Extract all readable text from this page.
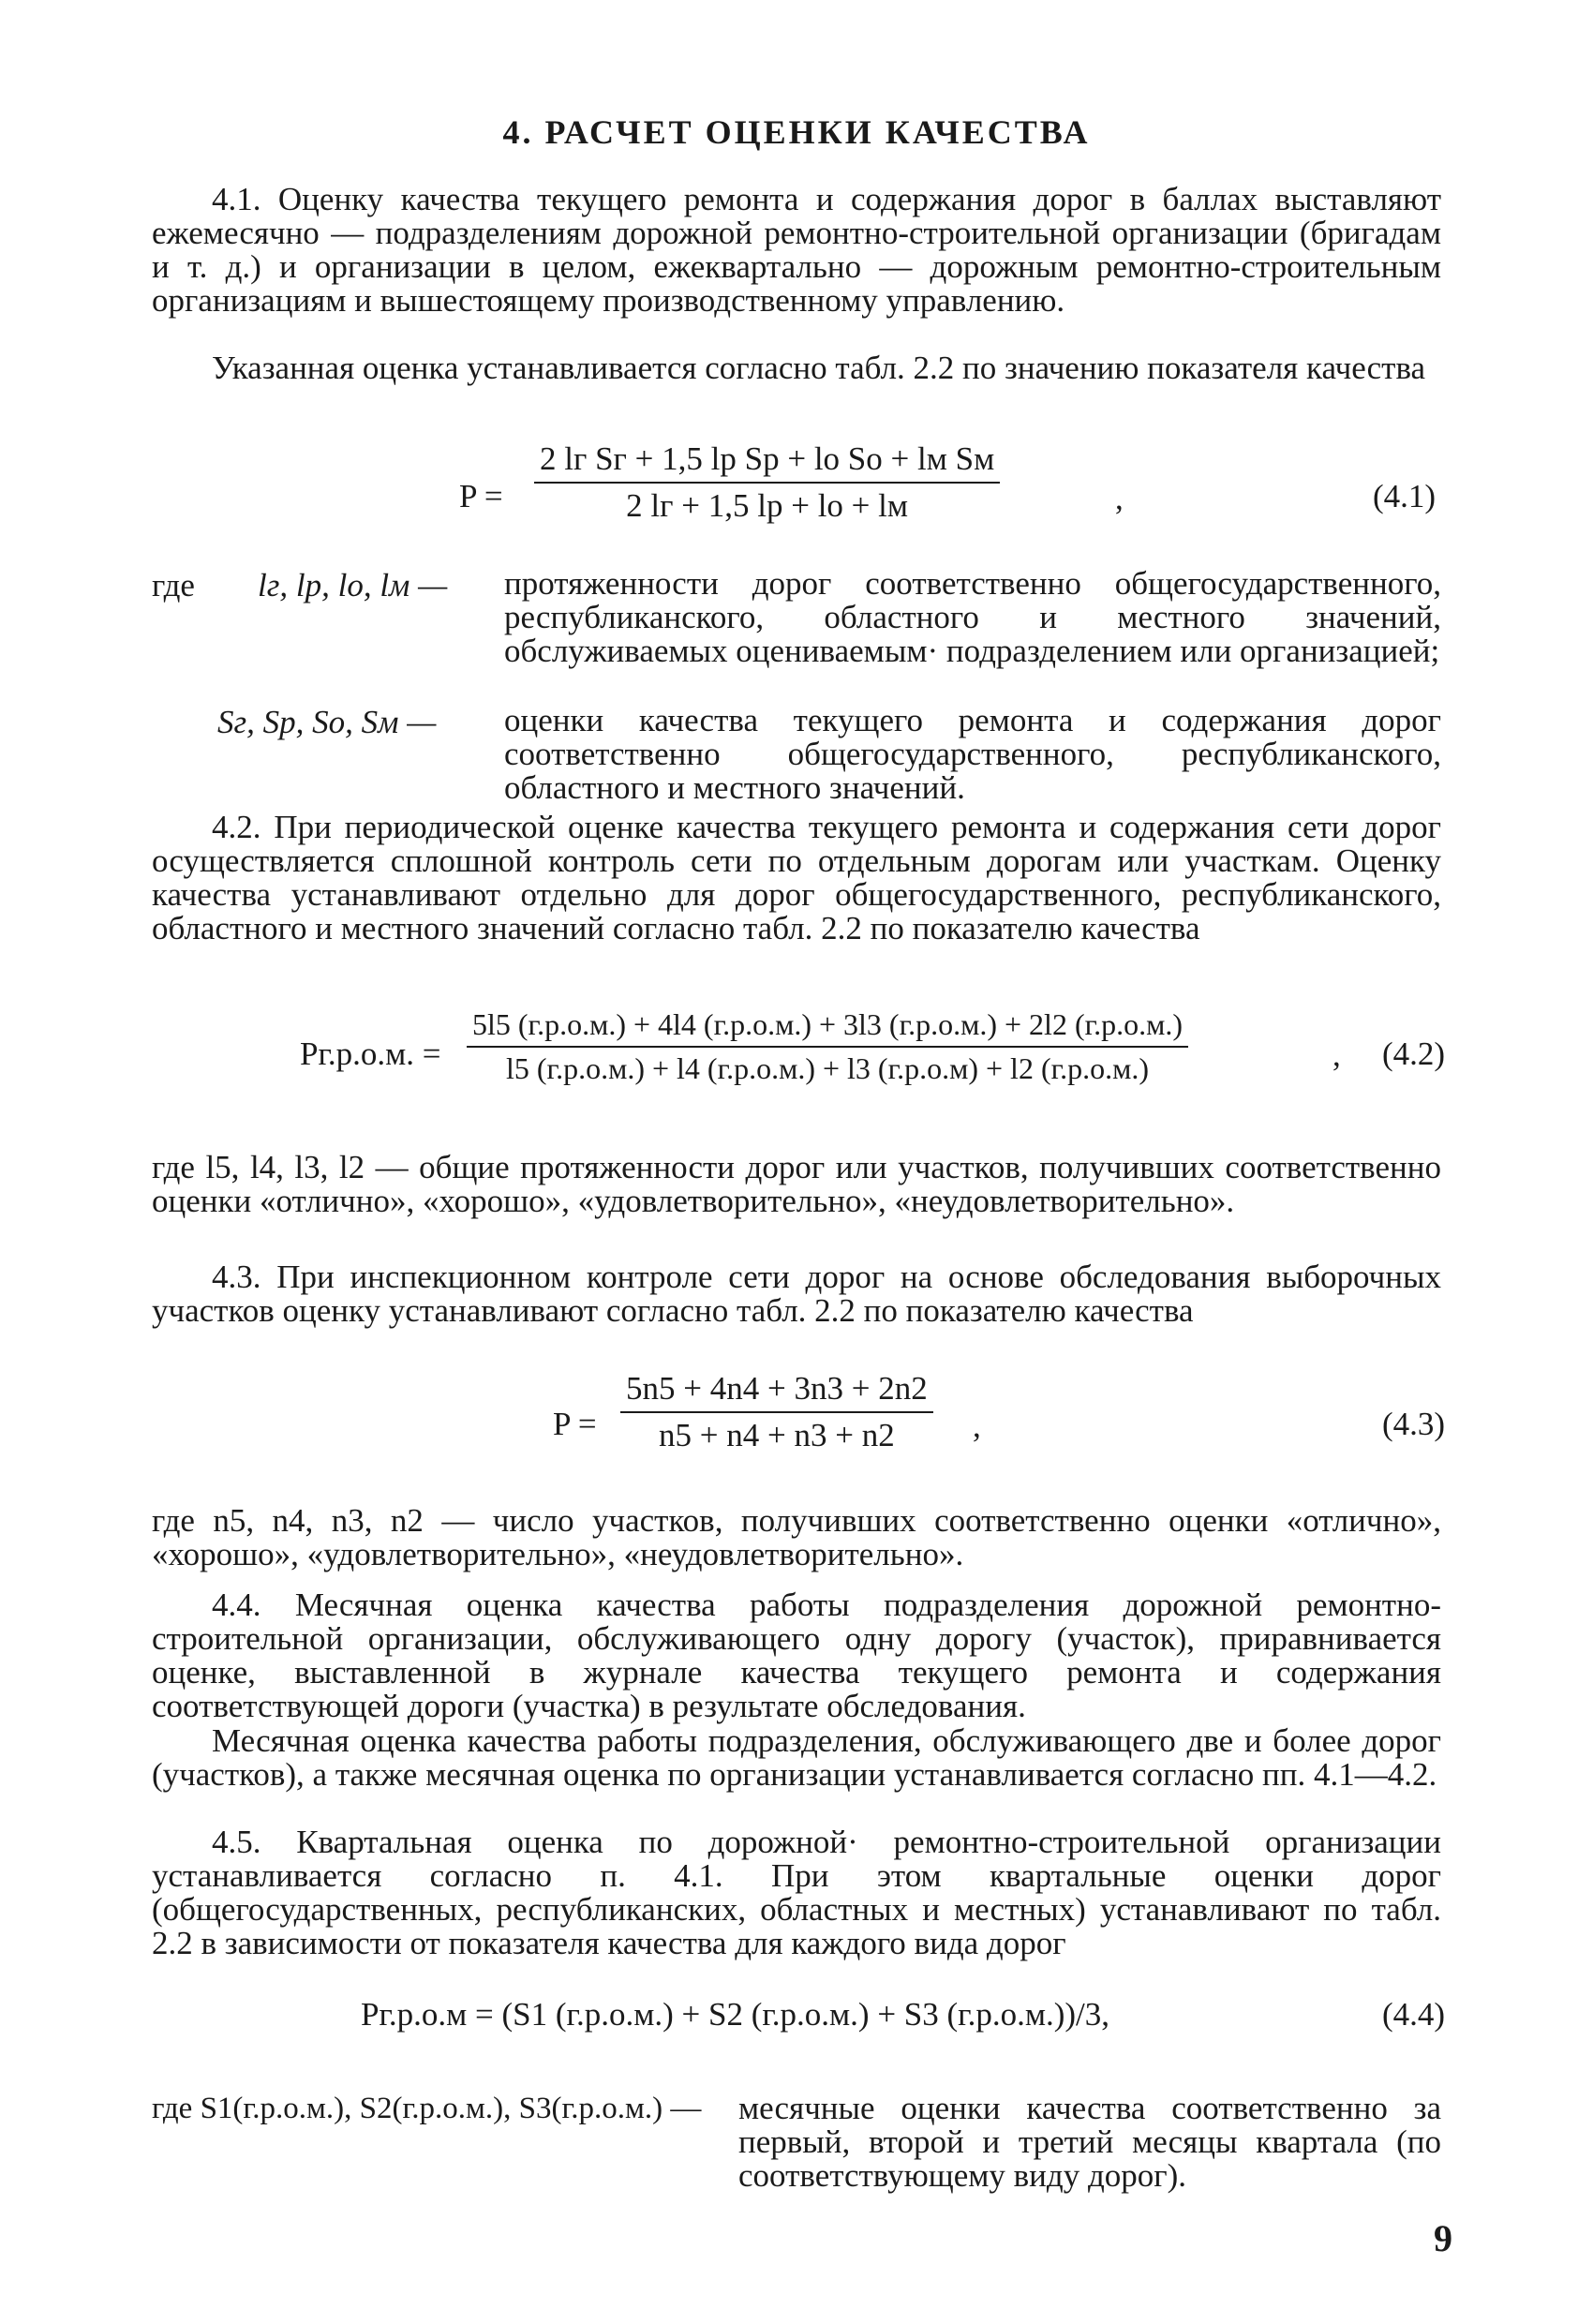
4. РАСЧЕТ ОЦЕНКИ КАЧЕСТВА

4.1. Оценку качества текущего ремонта и содержания дорог в баллах выставляют ежемесячно — подразделениям дорожной ремонтно-строительной организации (бригадам и т. д.) и организации в целом, ежеквартально — дорожным ремонтно-строительным организациям и вышестоящему производственному управлению.

Указанная оценка устанавливается согласно табл. 2.2 по значению показателя качества

P =
2 lг Sг + 1,5 lр Sр + lо Sо + lм Sм
2 lг + 1,5 lр + lо + lм	,	(4.1)
где lг, lр, lо, lм — протяженности дорог соответственно общегосударственного, республиканского, областного и местного значений, обслуживаемых оцениваемым· подразделением или организацией;

Sг, Sр, Sо, Sм — оценки качества текущего ремонта и содержания дорог соответственно общегосударственного, республиканского, областного и местного значений.

4.2. При периодической оценке качества текущего ремонта и содержания сети дорог осуществляется сплошной контроль сети по отдельным дорогам или участкам. Оценку качества устанавливают отдельно для дорог общегосударственного, республиканского, областного и местного значений согласно табл. 2.2 по показателю качества

Pг.р.о.м. =
5l5 (г.р.о.м.) + 4l4 (г.р.о.м.) + 3l3 (г.р.о.м.) + 2l2 (г.р.о.м.)
l5 (г.р.о.м.) + l4 (г.р.о.м.) + l3 (г.р.о.м) + l2 (г.р.о.м.)	, (4.2)

где l5, l4, l3, l2 — общие протяженности дорог или участков, получивших соответственно оценки «отлично», «хорошо», «удовлетворительно», «неудовлетворительно».

4.3. При инспекционном контроле сети дорог на основе обследования выборочных участков оценку устанавливают согласно табл. 2.2 по показателю качества

$P = \frac{5n5 + 4n4 + 3n3 + 2n2}{n5 + n4 + n3 + n2}$ ,	(4.3)

где n5, n4, n3, n2 — число участков, получивших соответственно оценки «отлично», «хорошо», «удовлетворительно», «неудовлетворительно».

4.4. Месячная оценка качества работы подразделения дорожной ремонтно-строительной организации, обслуживающего одну дорогу (участок), приравнивается оценке, выставленной в журнале качества текущего ремонта и содержания соответствующей дороги (участка) в результате обследования.

Месячная оценка качества работы подразделения, обслуживающего две и более дорог (участков), а также месячная оценка по организации устанавливается согласно пп. 4.1—4.2.

4.5. Квартальная оценка по дорожной· ремонтно-строительной организации устанавливается согласно п. 4.1. При этом квартальные оценки дорог (общегосударственных, республиканских, областных и местных) устанавливают по табл. 2.2 в зависимости от показателя качества для каждого вида дорог

Pг.р.о.м = (S1 (г.р.о.м.) + S2 (г.р.о.м.) + S3 (г.р.о.м.))/3,	(4.4)
где S1(г.р.о.м.), S2(г.р.о.м.), S3(г.р.о.м.) — месячные оценки качества соответственно за первый, второй и третий месяцы квартала (по соответствующему виду дорог).

9
